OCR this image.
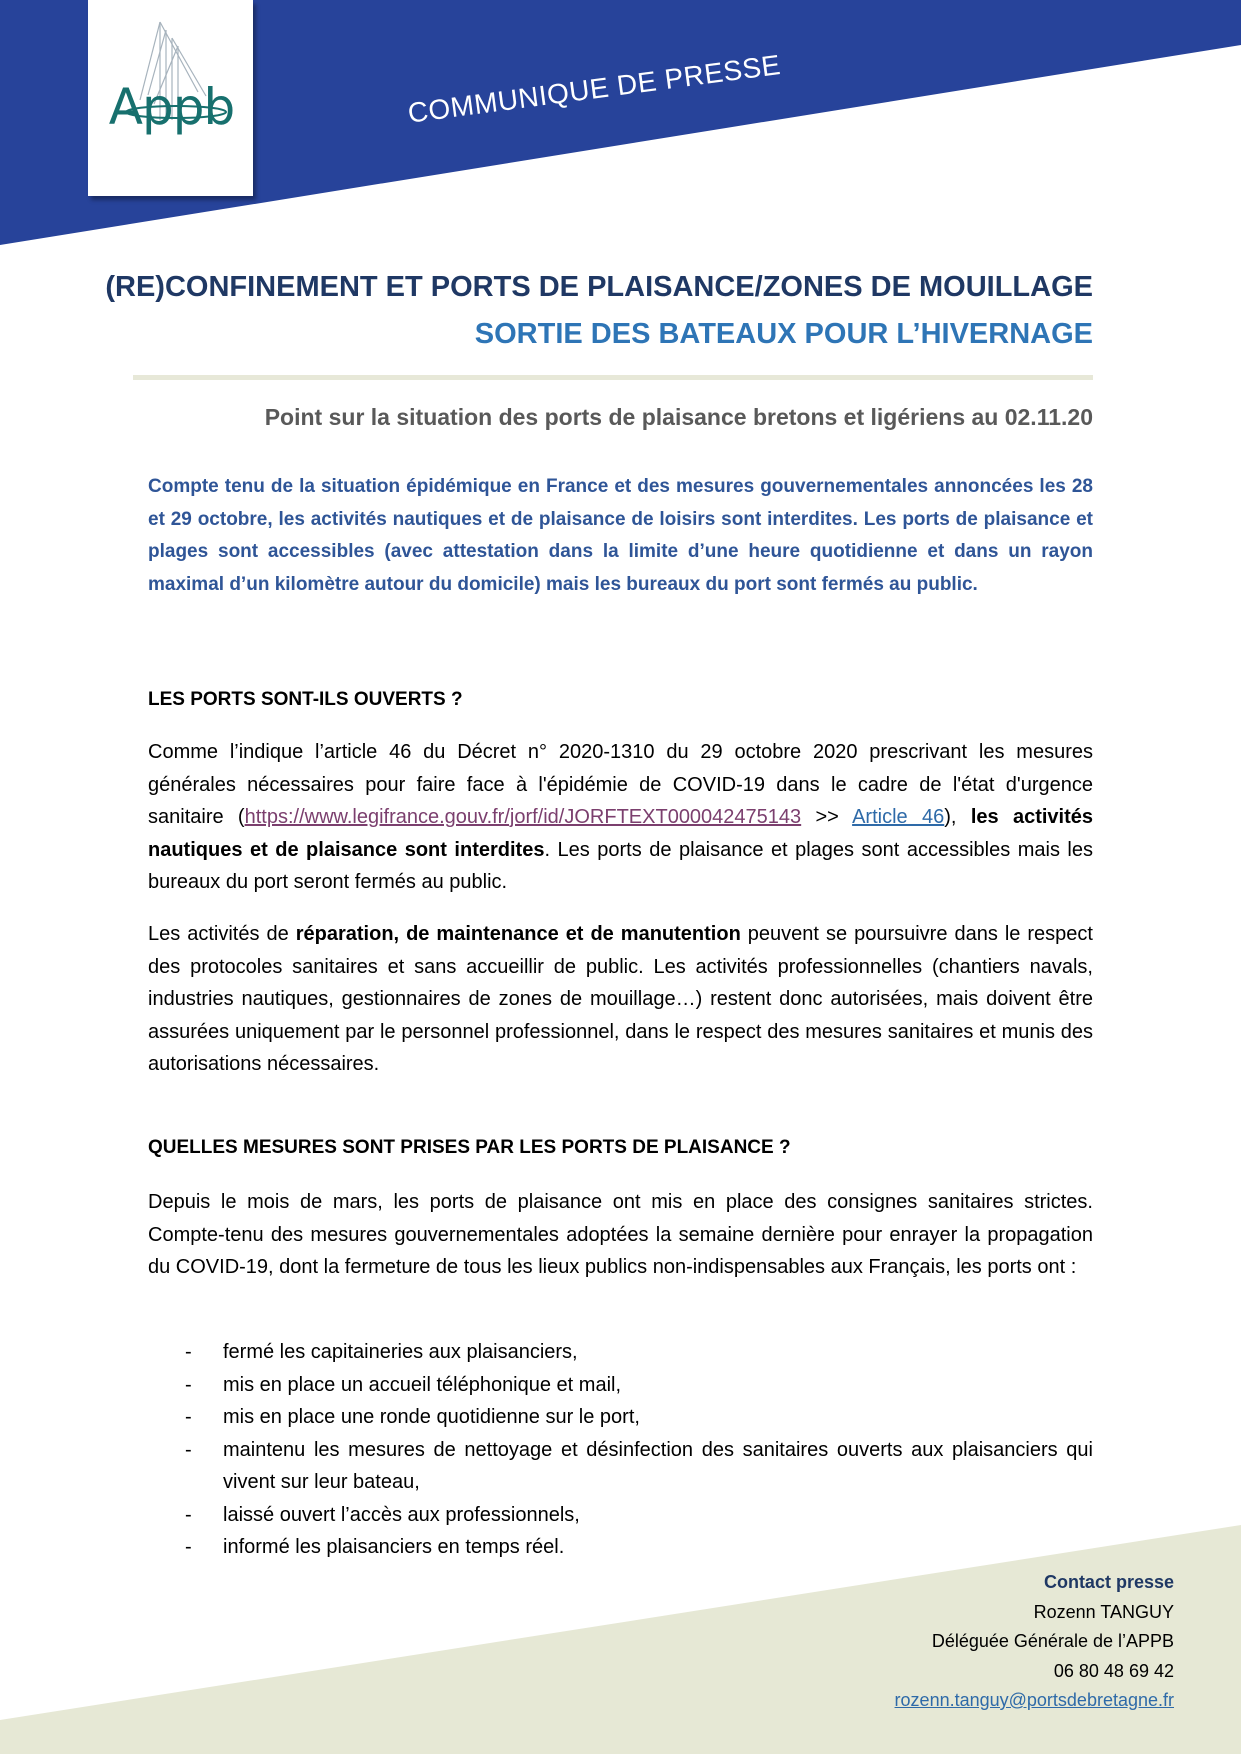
Appb	COMMUNIQUE DE PRESSE
(RE)CONFINEMENT ET PORTS DE PLAISANCE/ZONES DE MOUILLAGE
SORTIE DES BATEAUX POUR L’HIVERNAGE
Point sur la situation des ports de plaisance bretons et ligériens au 02.11.20

Compte tenu de la situation épidémique en France et des mesures gouvernementales annoncées les 28 et 29 octobre, les activités nautiques et de plaisance de loisirs sont interdites. Les ports de plaisance et plages sont accessibles (avec attestation dans la limite d’une heure quotidienne et dans un rayon maximal d’un kilomètre autour du domicile) mais les bureaux du port sont fermés au public.

LES PORTS SONT-ILS OUVERTS ?

Comme l’indique l’article 46 du Décret n° 2020-1310 du 29 octobre 2020 prescrivant les mesures générales nécessaires pour faire face à l'épidémie de COVID-19 dans le cadre de l'état d'urgence sanitaire (https://www.legifrance.gouv.fr/jorf/id/JORFTEXT000042475143 >> Article 46), les activités nautiques et de plaisance sont interdites. Les ports de plaisance et plages sont accessibles mais les bureaux du port seront fermés au public.

Les activités de réparation, de maintenance et de manutention peuvent se poursuivre dans le respect des protocoles sanitaires et sans accueillir de public. Les activités professionnelles (chantiers navals, industries nautiques, gestionnaires de zones de mouillage…) restent donc autorisées, mais doivent être assurées uniquement par le personnel professionnel, dans le respect des mesures sanitaires et munis des autorisations nécessaires.

QUELLES MESURES SONT PRISES PAR LES PORTS DE PLAISANCE ?

Depuis le mois de mars, les ports de plaisance ont mis en place des consignes sanitaires strictes. Compte-tenu des mesures gouvernementales adoptées la semaine dernière pour enrayer la propagation du COVID-19, dont la fermeture de tous les lieux publics non-indispensables aux Français, les ports ont :

- fermé les capitaineries aux plaisanciers,
- mis en place un accueil téléphonique et mail,
- mis en place une ronde quotidienne sur le port,
- maintenu les mesures de nettoyage et désinfection des sanitaires ouverts aux plaisanciers qui vivent sur leur bateau,
- laissé ouvert l’accès aux professionnels,
- informé les plaisanciers en temps réel.
Contact presse
Rozenn TANGUY
Déléguée Générale de l’APPB
06 80 48 69 42
rozenn.tanguy@portsdebretagne.fr
